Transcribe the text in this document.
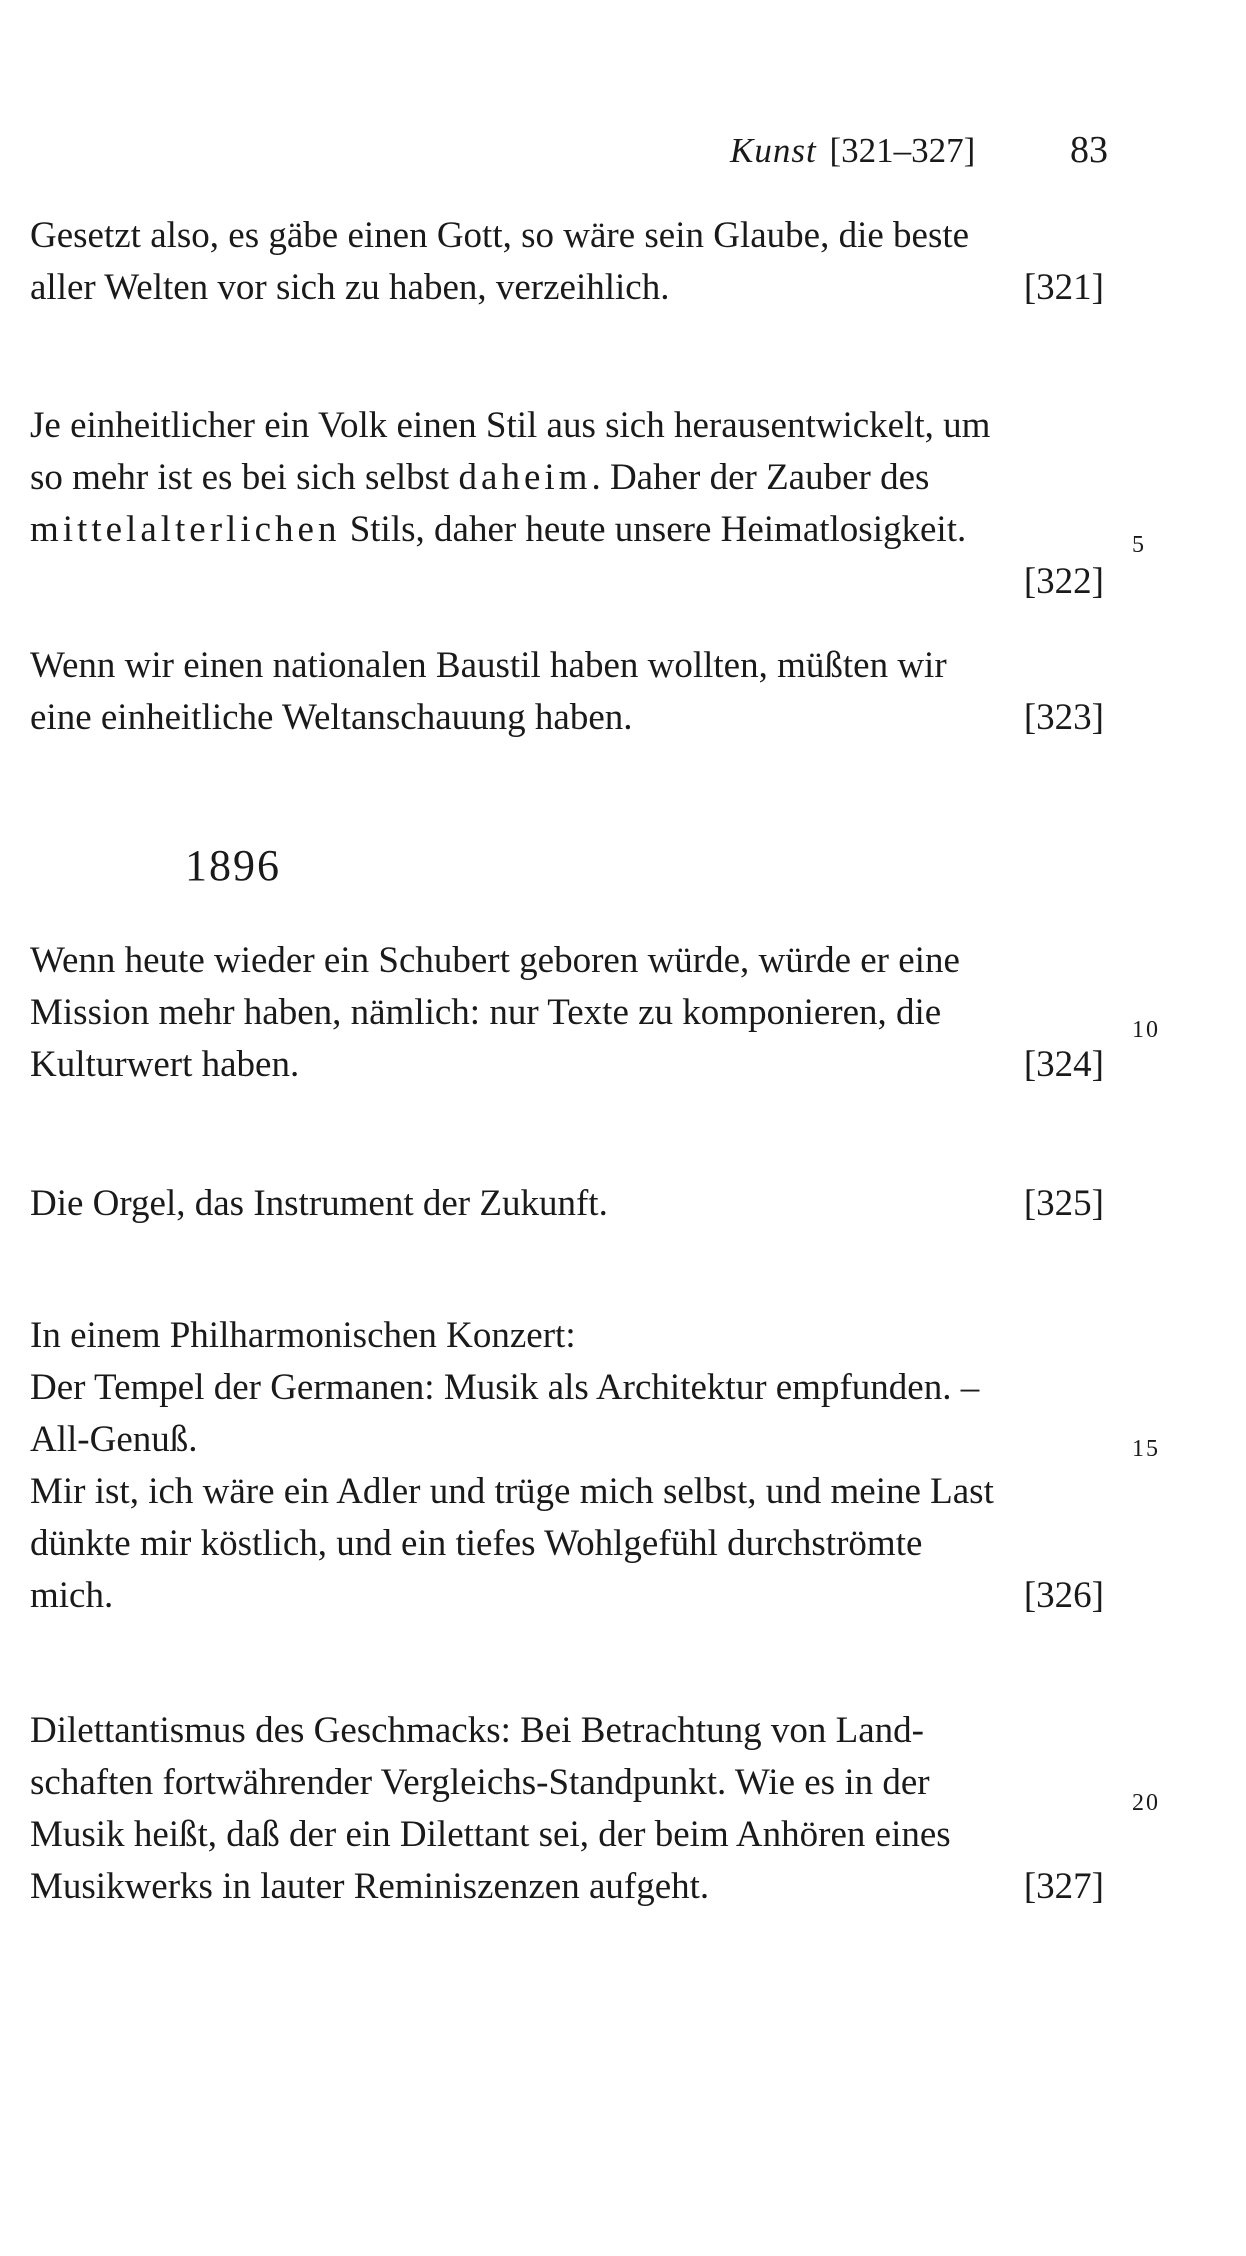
Kunst [321–327] 83

Gesetzt also, es gäbe einen Gott, so wäre sein Glaube, die beste
aller Welten vor sich zu haben, verzeihlich.	[321]

Je einheitlicher ein Volk einen Stil aus sich herausentwickelt, um
so mehr ist es bei sich selbst daheim. Daher der Zauber des
mittelalterlichen Stils, daher heute unsere Heimatlosigkeit.
[322]

Wenn wir einen nationalen Baustil haben wollten, müßten wir
eine einheitliche Weltanschauung haben.	[323]

1896

Wenn heute wieder ein Schubert geboren würde, würde er eine
Mission mehr haben, nämlich: nur Texte zu komponieren, die
Kulturwert haben.	[324]

Die Orgel, das Instrument der Zukunft.	[325]

In einem Philharmonischen Konzert:
Der Tempel der Germanen: Musik als Architektur empfunden. –
All-Genuß.
Mir ist, ich wäre ein Adler und trüge mich selbst, und meine Last
dünkte mir köstlich, und ein tiefes Wohlgefühl durchströmte
mich.	[326]

Dilettantismus des Geschmacks: Bei Betrachtung von Land-
schaften fortwährender Vergleichs-Standpunkt. Wie es in der
Musik heißt, daß der ein Dilettant sei, der beim Anhören eines
Musikwerks in lauter Reminiszenzen aufgeht.	[327]

5
10
15
20
